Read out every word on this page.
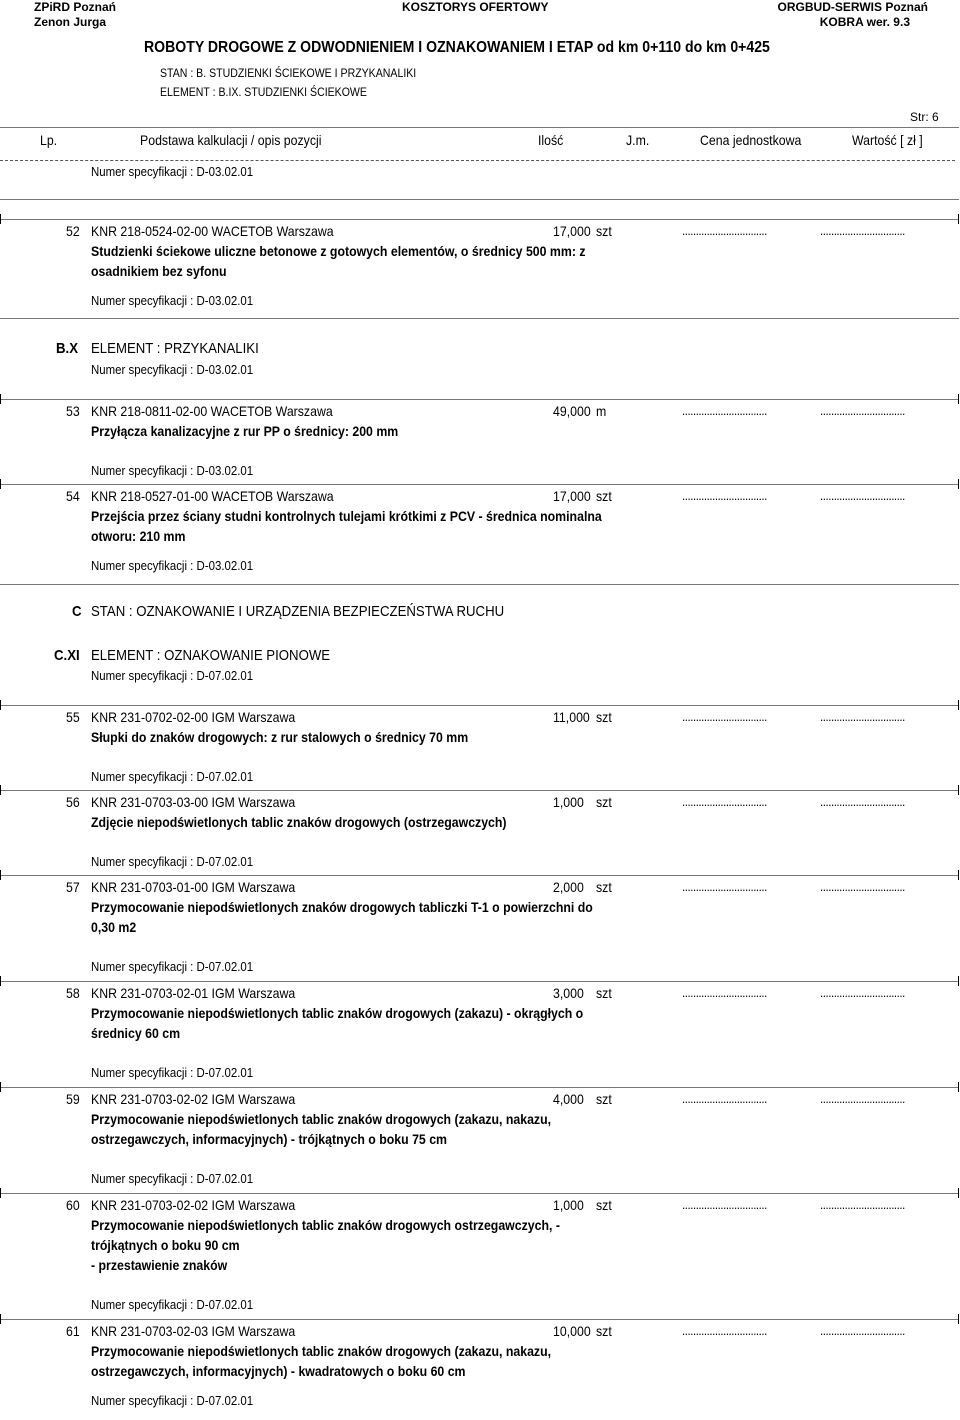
ZPiRD Poznań
Zenon Jurga
KOSZTORYS OFERTOWY	ORGBUD-SERWIS Poznań
KOBRA wer. 9.3
ROBOTY DROGOWE Z ODWODNIENIEM I OZNAKOWANIEM I ETAP od km 0+110 do km 0+425
STAN : B. STUDZIENKI ŚCIEKOWE I PRZYKANALIKI
ELEMENT : B.IX. STUDZIENKI ŚCIEKOWE
Str: 6
Lp.	Podstawa kalkulacji / opis pozycji	Ilość	J.m.	Cena jednostkowa	Wartość [ zł ]
Numer specyfikacji : D-03.02.01
52 KNR 218-0524-02-00 WACETOB Warszawa	17,000 szt	...............................	...............................
Studzienki ściekowe uliczne betonowe z gotowych elementów, o średnicy 500 mm: z
osadnikiem bez syfonu
Numer specyfikacji : D-03.02.01
53 KNR 218-0811-02-00 WACETOB Warszawa	49,000 m	...............................	...............................
Przyłącza kanalizacyjne z rur PP o średnicy: 200 mm
Numer specyfikacji : D-03.02.01
54 KNR 218-0527-01-00 WACETOB Warszawa	17,000 szt	...............................	...............................
Przejścia przez ściany studni kontrolnych tulejami krótkimi z PCV - średnica nominalna
otworu: 210 mm
Numer specyfikacji : D-03.02.01
55 KNR 231-0702-02-00 IGM Warszawa	11,000 szt	...............................	...............................
Słupki do znaków drogowych: z rur stalowych o średnicy 70 mm
Numer specyfikacji : D-07.02.01
56 KNR 231-0703-03-00 IGM Warszawa	1,000 szt	...............................	...............................
Zdjęcie niepodświetlonych tablic znaków drogowych (ostrzegawczych)
Numer specyfikacji : D-07.02.01
57 KNR 231-0703-01-00 IGM Warszawa	2,000 szt	...............................	...............................
Przymocowanie niepodświetlonych znaków drogowych tabliczki T-1 o powierzchni do
0,30 m2
Numer specyfikacji : D-07.02.01
58 KNR 231-0703-02-01 IGM Warszawa	3,000 szt	...............................	...............................
Przymocowanie niepodświetlonych tablic znaków drogowych (zakazu) - okrągłych o
średnicy 60 cm
Numer specyfikacji : D-07.02.01
59 KNR 231-0703-02-02 IGM Warszawa	4,000 szt	...............................	...............................
Przymocowanie niepodświetlonych tablic znaków drogowych (zakazu, nakazu,
ostrzegawczych, informacyjnych) - trójkątnych o boku 75 cm
Numer specyfikacji : D-07.02.01
60 KNR 231-0703-02-02 IGM Warszawa	1,000 szt	...............................	...............................
Przymocowanie niepodświetlonych tablic znaków drogowych ostrzegawczych, -
trójkątnych o boku 90 cm
- przestawienie znaków
Numer specyfikacji : D-07.02.01
61 KNR 231-0703-02-03 IGM Warszawa	10,000 szt	...............................	...............................
Przymocowanie niepodświetlonych tablic znaków drogowych (zakazu, nakazu,
ostrzegawczych, informacyjnych) - kwadratowych o boku 60 cm
Numer specyfikacji : D-07.02.01
B.X ELEMENT : PRZYKANALIKI
Numer specyfikacji : D-03.02.01
C STAN : OZNAKOWANIE I URZĄDZENIA BEZPIECZEŃSTWA RUCHU
C.XI ELEMENT : OZNAKOWANIE PIONOWE
Numer specyfikacji : D-07.02.01
